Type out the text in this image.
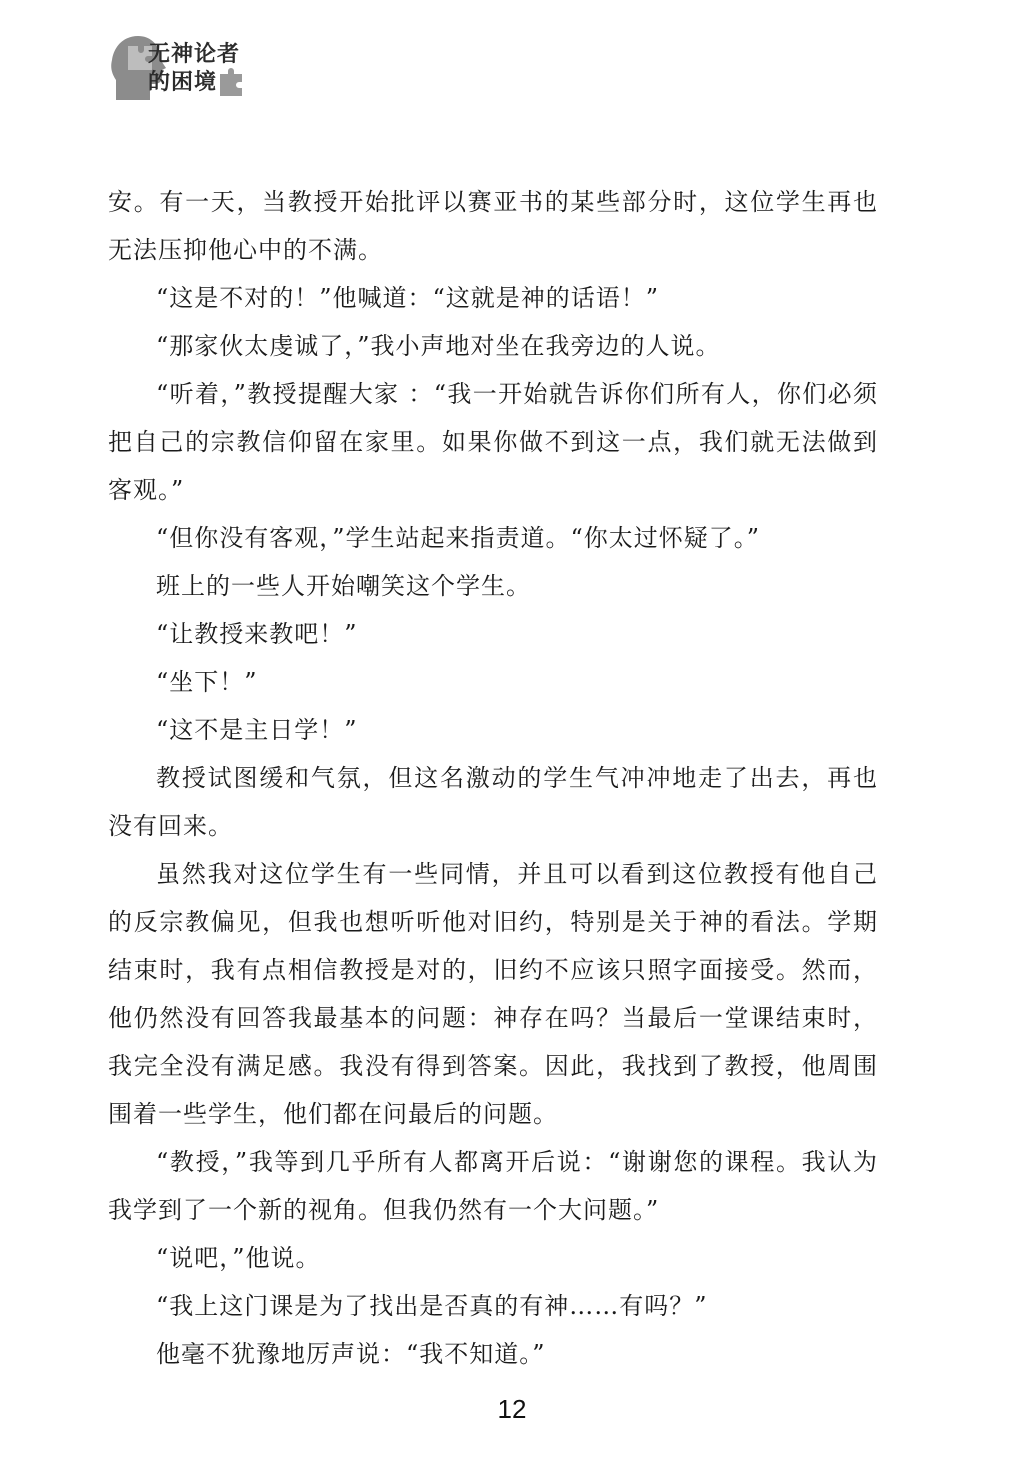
无神论者
的困境

安。有一天，当教授开始批评以赛亚书的某些部分时，这位学生再也无法压抑他心中的不满。

“这是不对的！”他喊道：“这就是神的话语！”

“那家伙太虔诚了，”我小声地对坐在我旁边的人说。

“听着，”教授提醒大家 ：“我一开始就告诉你们所有人，你们必须把自己的宗教信仰留在家里。如果你做不到这一点，我们就无法做到客观。”

“但你没有客观，”学生站起来指责道。“你太过怀疑了。”

班上的一些人开始嘲笑这个学生。

“让教授来教吧！”

“坐下！”

“这不是主日学！”

教授试图缓和气氛，但这名激动的学生气冲冲地走了出去，再也没有回来。

虽然我对这位学生有一些同情，并且可以看到这位教授有他自己的反宗教偏见，但我也想听听他对旧约，特别是关于神的看法。学期结束时，我有点相信教授是对的，旧约不应该只照字面接受。然而，他仍然没有回答我最基本的问题：神存在吗？当最后一堂课结束时，我完全没有满足感。我没有得到答案。因此，我找到了教授，他周围围着一些学生，他们都在问最后的问题。

“教授，”我等到几乎所有人都离开后说：“谢谢您的课程。我认为我学到了一个新的视角。但我仍然有一个大问题。”

“说吧，”他说。

“我上这门课是为了找出是否真的有神……有吗？”

他毫不犹豫地厉声说：“我不知道。”

12
